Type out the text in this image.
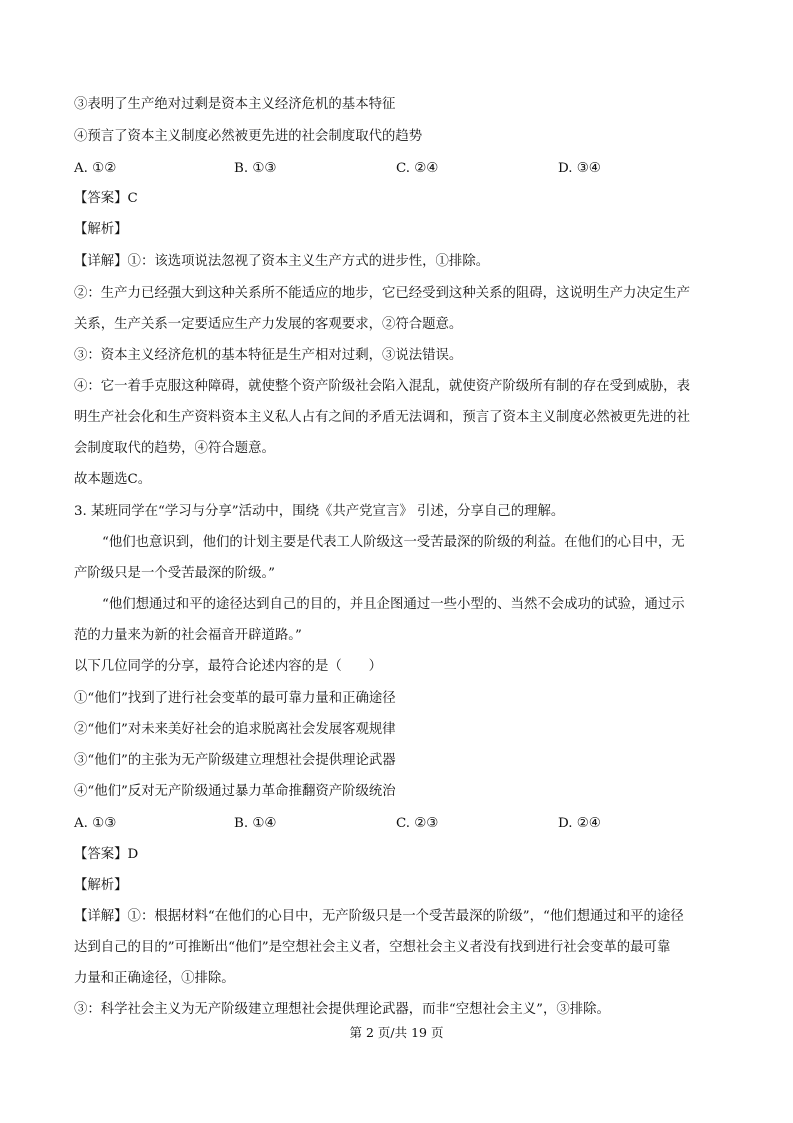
③表明了生产绝对过剩是资本主义经济危机的基本特征
④预言了资本主义制度必然被更先进的社会制度取代的趋势
A. ①②	B. ①③	C. ②④	D. ③④
【答案】C
【解析】
【详解】①：该选项说法忽视了资本主义生产方式的进步性，①排除。
②：生产力已经强大到这种关系所不能适应的地步，它已经受到这种关系的阻碍，这说明生产力决定生产
关系，生产关系一定要适应生产力发展的客观要求，②符合题意。
③：资本主义经济危机的基本特征是生产相对过剩，③说法错误。
④：它一着手克服这种障碍，就使整个资产阶级社会陷入混乱，就使资产阶级所有制的存在受到威胁，表
明生产社会化和生产资料资本主义私人占有之间的矛盾无法调和，预言了资本主义制度必然被更先进的社
会制度取代的趋势，④符合题意。
故本题选C。
3. 某班同学在“学习与分享”活动中，围绕《共产党宣言》 引述，分享自己的理解。
“他们也意识到，他们的计划主要是代表工人阶级这一受苦最深的阶级的利益。在他们的心目中，无
产阶级只是一个受苦最深的阶级。”
“他们想通过和平的途径达到自己的目的，并且企图通过一些小型的、当然不会成功的试验，通过示
范的力量来为新的社会福音开辟道路。”
以下几位同学的分享，最符合论述内容的是（　　）
①“他们”找到了进行社会变革的最可靠力量和正确途径
②“他们”对未来美好社会的追求脱离社会发展客观规律
③“他们”的主张为无产阶级建立理想社会提供理论武器
④“他们”反对无产阶级通过暴力革命推翻资产阶级统治
A. ①③	B. ①④	C. ②③	D. ②④
【答案】D
【解析】
【详解】①：根据材料“在他们的心目中，无产阶级只是一个受苦最深的阶级”，“他们想通过和平的途径
达到自己的目的”可推断出“他们”是空想社会主义者，空想社会主义者没有找到进行社会变革的最可靠
力量和正确途径，①排除。
③：科学社会主义为无产阶级建立理想社会提供理论武器，而非“空想社会主义”，③排除。
第 2 页/共 19 页
